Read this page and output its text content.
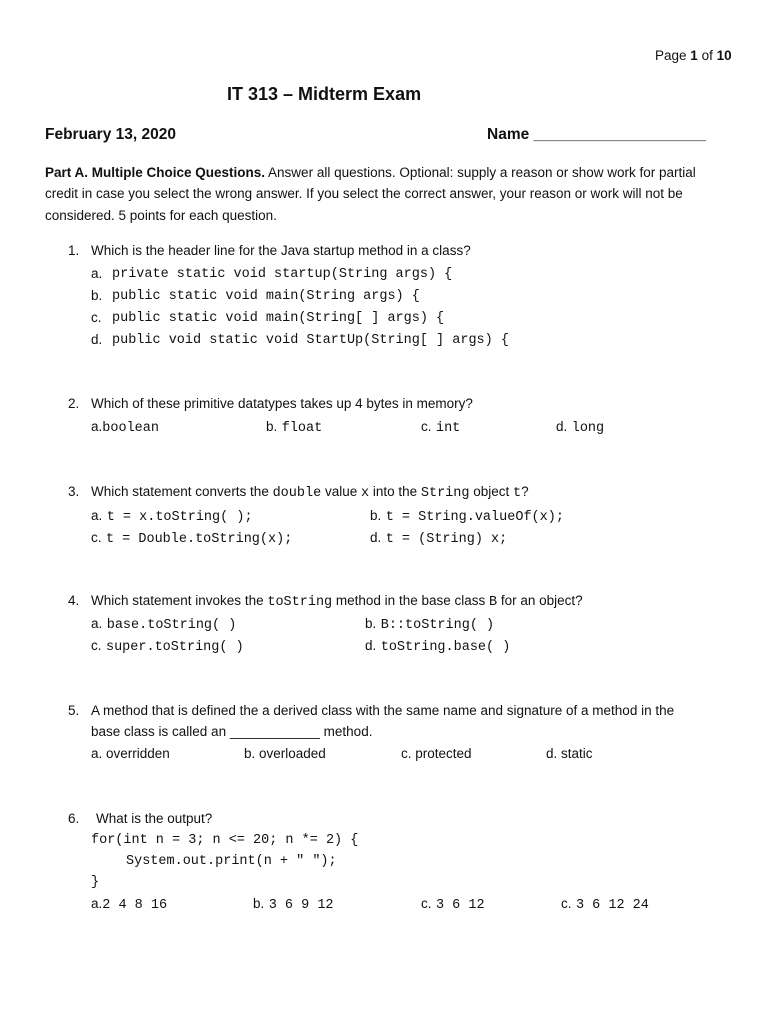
Page 1 of 10
IT 313 – Midterm Exam
February 13, 2020	Name ____________________
Part A. Multiple Choice Questions. Answer all questions. Optional: supply a reason or show work for partial
credit in case you select the wrong answer. If you select the correct answer, your reason or work will not be
considered. 5 points for each question.
1. Which is the header line for the Java startup method in a class?
a. private static void startup(String args) {
b. public static void main(String args) {
c. public static void main(String[ ] args) {
d. public void static void StartUp(String[ ] args) {
2. Which of these primitive datatypes takes up 4 bytes in memory?
a.boolean	b. float	c. int	d. long
3. Which statement converts the double value x into the String object t?
a. t = x.toString( );	b. t = String.valueOf(x);
c. t = Double.toString(x);	d. t = (String) x;
4. Which statement invokes the toString method in the base class B for an object?
a. base.toString( )	b. B::toString( )
c. super.toString( )	d. toString.base( )
5. A method that is defined the a derived class with the same name and signature of a method in the
base class is called an ____________ method.
a. overridden	b. overloaded	c. protected	d. static
6. What is the output?
for(int n = 3; n <= 20; n *= 2) {
System.out.print(n + " ");
}
a.2 4 8 16	b. 3 6 9 12	c. 3 6 12	c. 3 6 12 24
